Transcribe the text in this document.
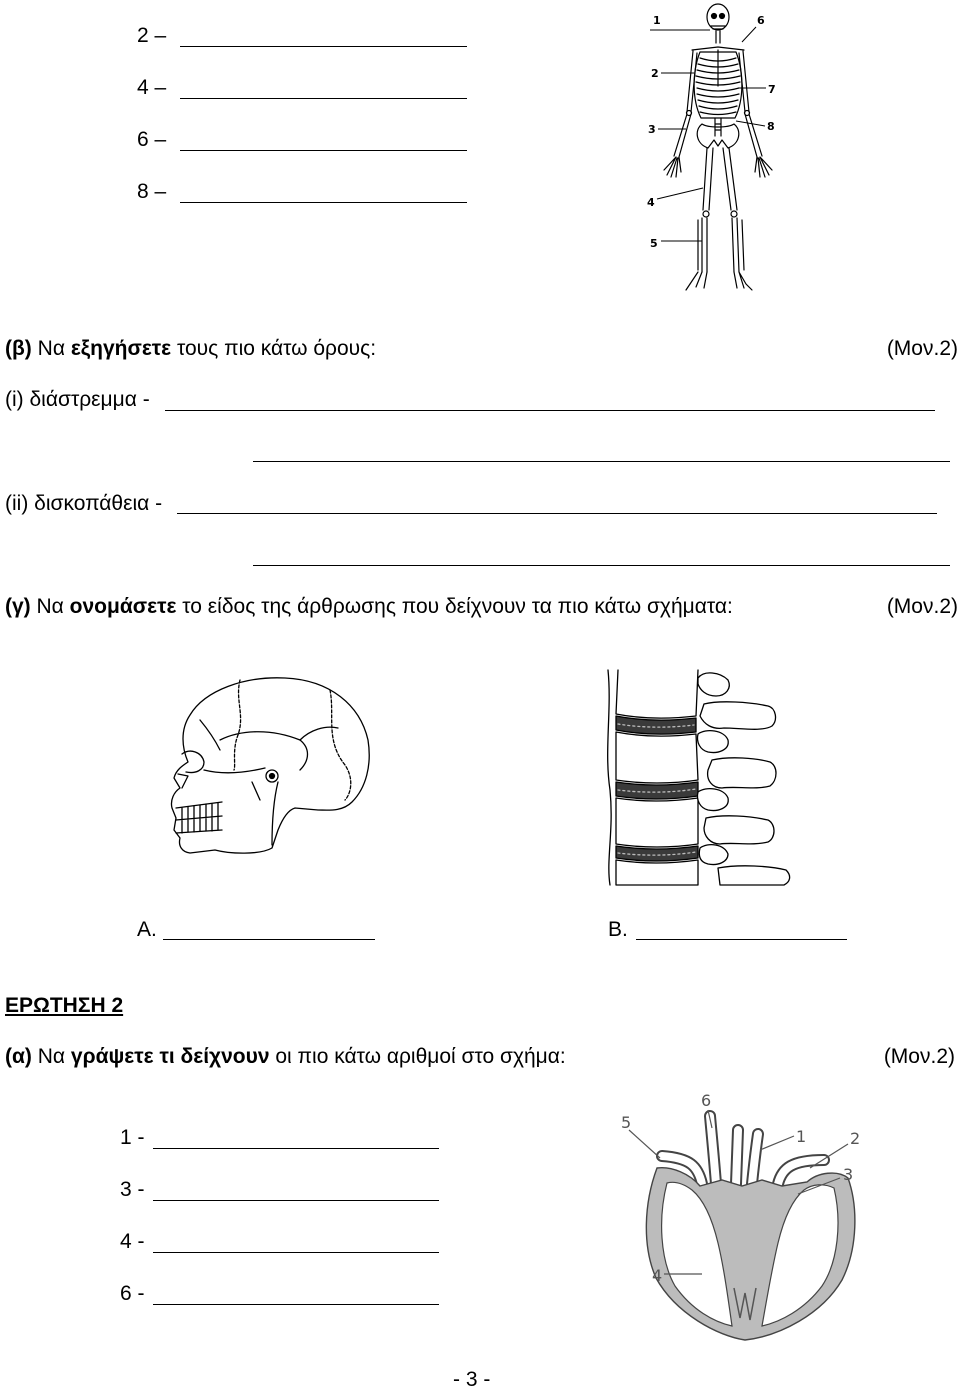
2 –
4 –
6 –
8 –
1
2
3
4
5
6
7
8
(β) Να εξηγήσετε τους πιο κάτω όρους:	(Μον.2)
(i) διάστρεμμα -
(ii) δισκοπάθεια -
(γ) Να ονομάσετε το είδος της άρθρωσης που δείχνουν τα πιο κάτω σχήματα:	(Μον.2)
Α.	Β.
ΕΡΩΤΗΣΗ 2
(α) Να γράψετε τι δείχνουν οι πιο κάτω αριθμοί στο σχήμα:	(Μον.2)
1 -
3 -
4 -
6 -
1	2
3
4
5
6
- 3 -
